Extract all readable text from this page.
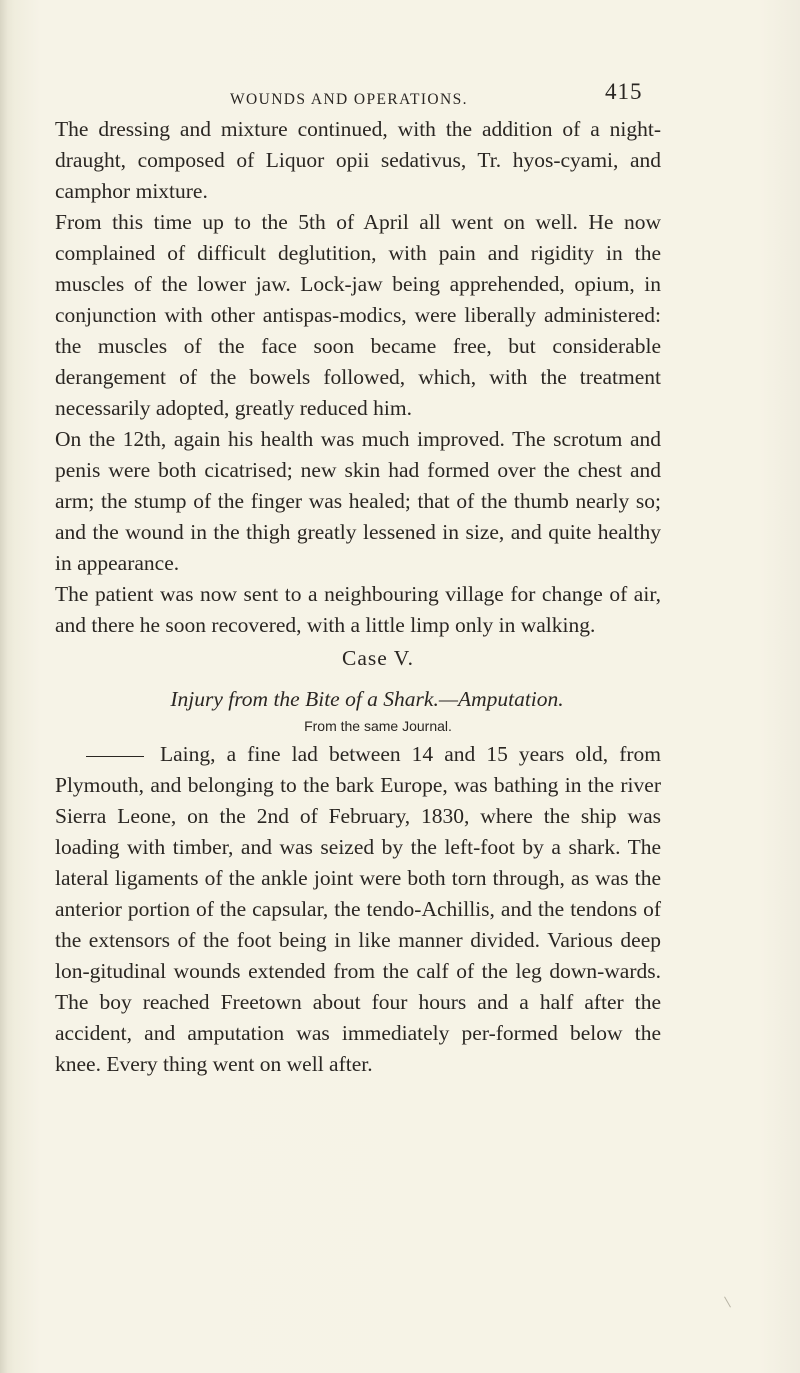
WOUNDS AND OPERATIONS.	415

The dressing and mixture continued, with the addition of a night-draught, composed of Liquor opii sedativus, Tr. hyos-cyami, and camphor mixture.

From this time up to the 5th of April all went on well. He now complained of difficult deglutition, with pain and rigidity in the muscles of the lower jaw. Lock-jaw being apprehended, opium, in conjunction with other antispas-modics, were liberally administered: the muscles of the face soon became free, but considerable derangement of the bowels followed, which, with the treatment necessarily adopted, greatly reduced him.

On the 12th, again his health was much improved. The scrotum and penis were both cicatrised; new skin had formed over the chest and arm; the stump of the finger was healed; that of the thumb nearly so; and the wound in the thigh greatly lessened in size, and quite healthy in appearance.

The patient was now sent to a neighbouring village for change of air, and there he soon recovered, with a little limp only in walking.

Case V.

Injury from the Bite of a Shark.—Amputation.

From the same Journal.

Laing, a fine lad between 14 and 15 years old, from Plymouth, and belonging to the bark Europe, was bathing in the river Sierra Leone, on the 2nd of February, 1830, where the ship was loading with timber, and was seized by the left-foot by a shark. The lateral ligaments of the ankle joint were both torn through, as was the anterior portion of the capsular, the tendo-Achillis, and the tendons of the extensors of the foot being in like manner divided. Various deep lon-gitudinal wounds extended from the calf of the leg down-wards. The boy reached Freetown about four hours and a half after the accident, and amputation was immediately per-formed below the knee. Every thing went on well after.
